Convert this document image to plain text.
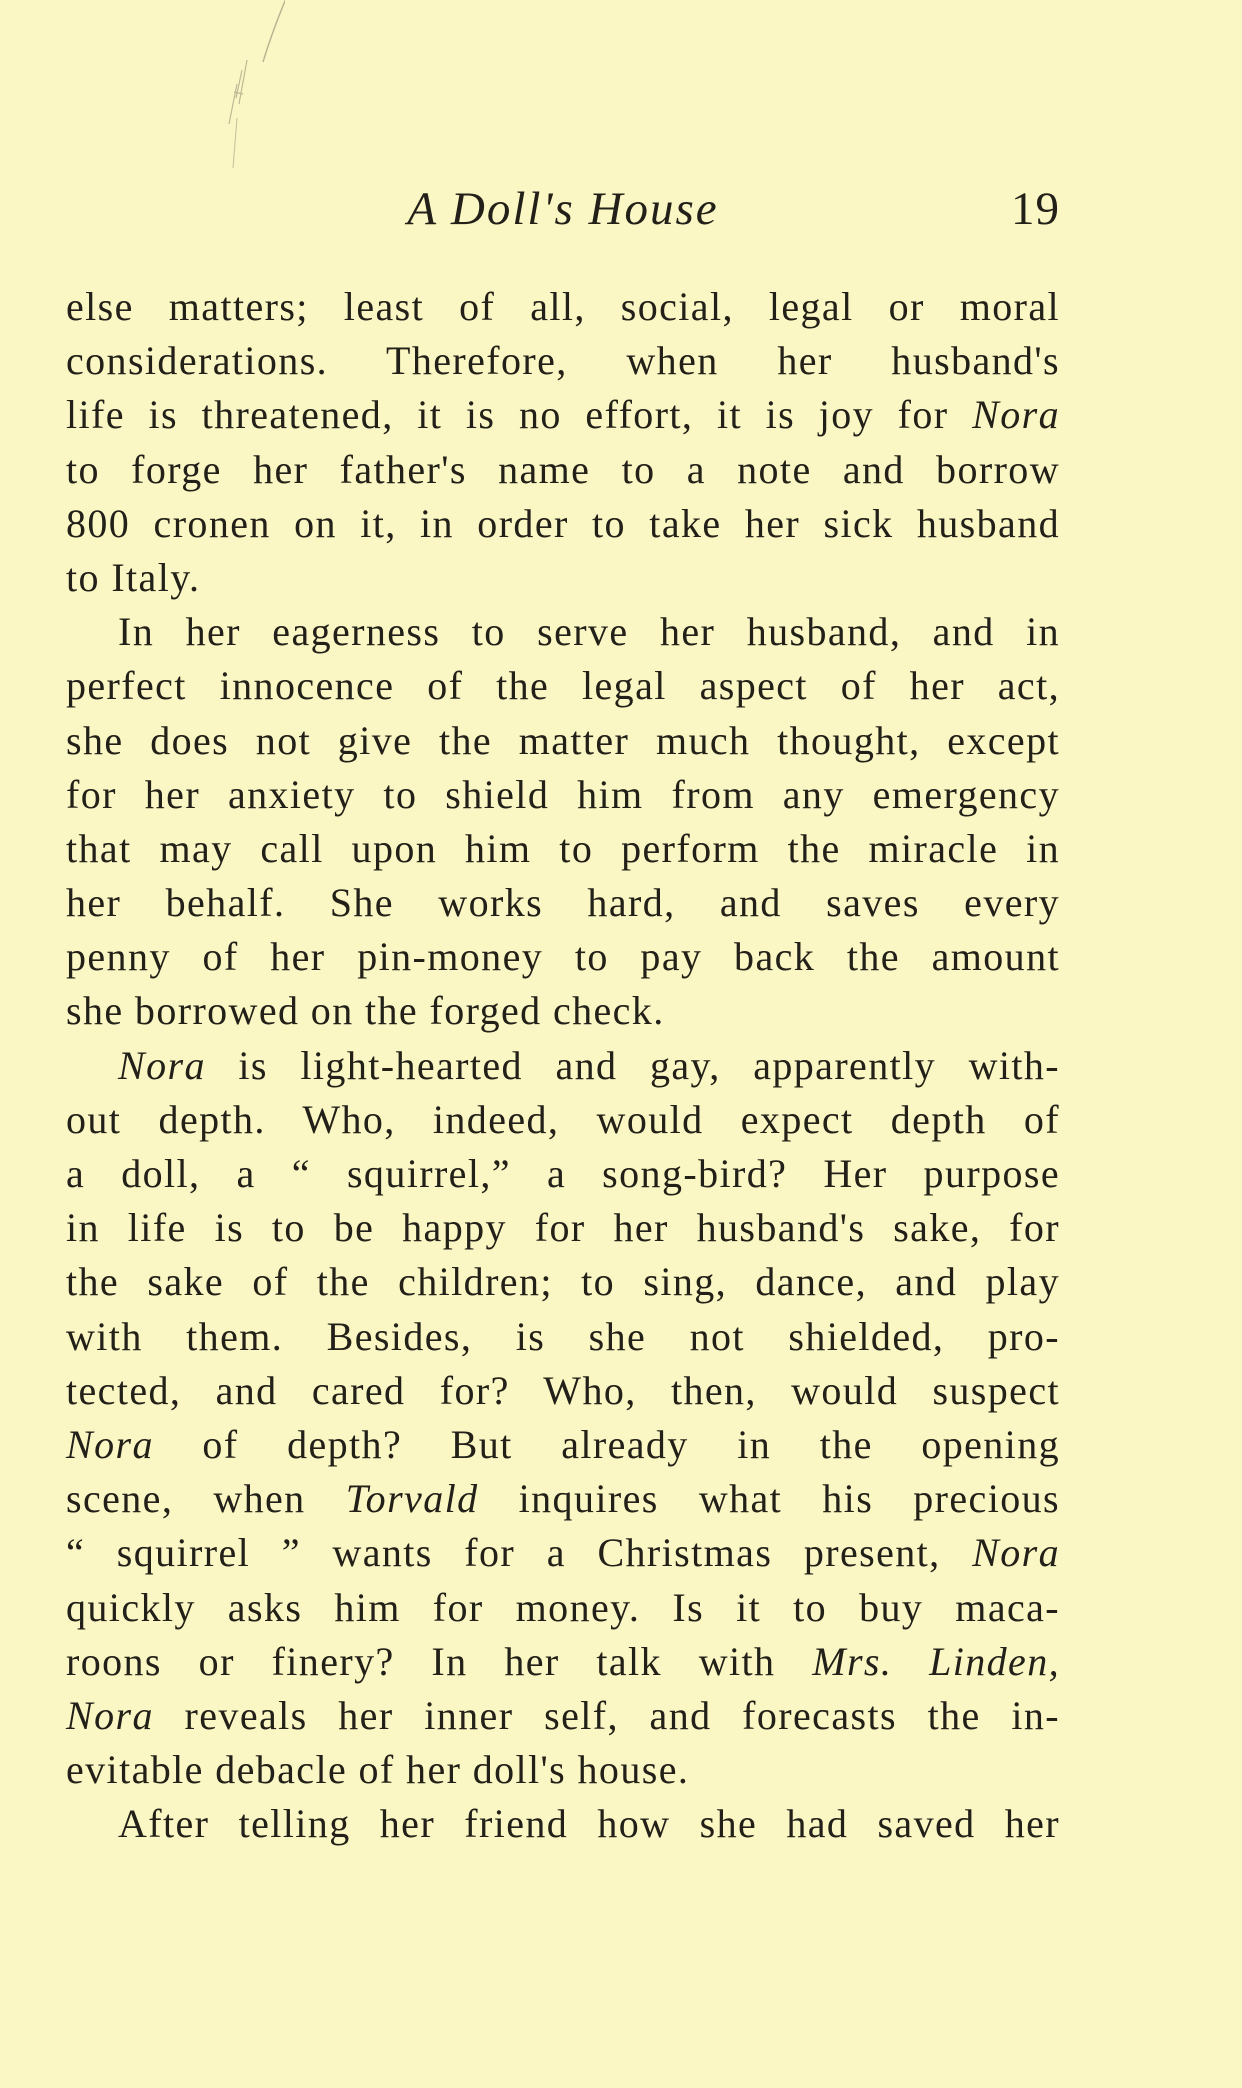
A Doll's House	19
else matters; least of all, social, legal or moral
considerations. Therefore, when her husband's
life is threatened, it is no effort, it is joy for Nora
to forge her father's name to a note and borrow
800 cronen on it, in order to take her sick husband
to Italy.
In her eagerness to serve her husband, and in
perfect innocence of the legal aspect of her act,
she does not give the matter much thought, except
for her anxiety to shield him from any emergency
that may call upon him to perform the miracle in
her behalf. She works hard, and saves every
penny of her pin-money to pay back the amount
she borrowed on the forged check.
Nora is light-hearted and gay, apparently with-
out depth. Who, indeed, would expect depth of
a doll, a “ squirrel,” a song-bird? Her purpose
in life is to be happy for her husband's sake, for
the sake of the children; to sing, dance, and play
with them. Besides, is she not shielded, pro-
tected, and cared for? Who, then, would suspect
Nora of depth? But already in the opening
scene, when Torvald inquires what his precious
“ squirrel ” wants for a Christmas present, Nora
quickly asks him for money. Is it to buy maca-
roons or finery? In her talk with Mrs. Linden,
Nora reveals her inner self, and forecasts the in-
evitable debacle of her doll's house.
After telling her friend how she had saved her
